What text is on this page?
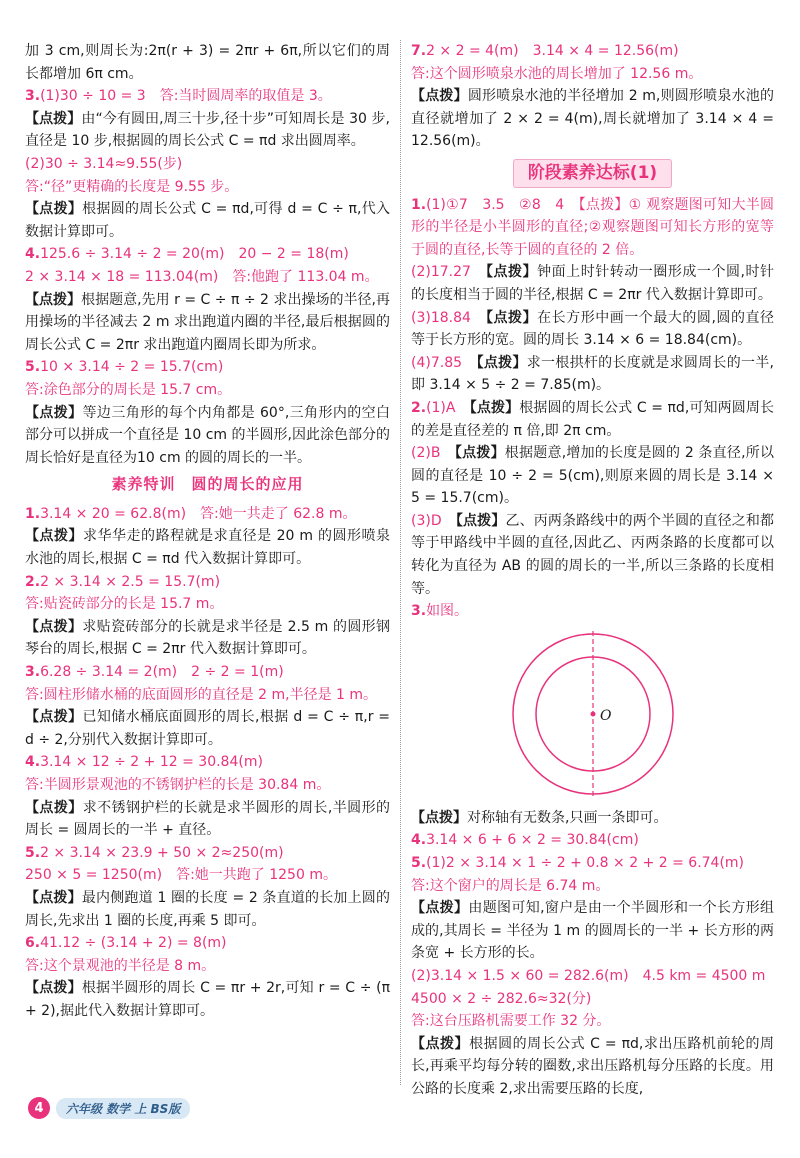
加 3 cm,则周长为:2π(r + 3) = 2πr + 6π,所以它们的周长都增加 6π cm。

3.(1)30 ÷ 10 = 3　答:当时圆周率的取值是 3。

【点拨】由“今有圆田,周三十步,径十步”可知周长是 30 步,直径是 10 步,根据圆的周长公式 C = πd 求出圆周率。

(2)30 ÷ 3.14≈9.55(步)

答:“径”更精确的长度是 9.55 步。

【点拨】根据圆的周长公式 C = πd,可得 d = C ÷ π,代入数据计算即可。

4.125.6 ÷ 3.14 ÷ 2 = 20(m)　20 − 2 = 18(m)

2 × 3.14 × 18 = 113.04(m)　答:他跑了 113.04 m。

【点拨】根据题意,先用 r = C ÷ π ÷ 2 求出操场的半径,再用操场的半径减去 2 m 求出跑道内圈的半径,最后根据圆的周长公式 C = 2πr 求出跑道内圈周长即为所求。

5.10 × 3.14 ÷ 2 = 15.7(cm)

答:涂色部分的周长是 15.7 cm。

【点拨】等边三角形的每个内角都是 60°,三角形内的空白部分可以拼成一个直径是 10 cm 的半圆形,因此涂色部分的周长恰好是直径为10 cm 的圆的周长的一半。

素养特训　圆的周长的应用

1.3.14 × 20 = 62.8(m)　答:她一共走了 62.8 m。

【点拨】求华华走的路程就是求直径是 20 m 的圆形喷泉水池的周长,根据 C = πd 代入数据计算即可。

2.2 × 3.14 × 2.5 = 15.7(m)

答:贴瓷砖部分的长是 15.7 m。

【点拨】求贴瓷砖部分的长就是求半径是 2.5 m 的圆形钢琴台的周长,根据 C = 2πr 代入数据计算即可。

3.6.28 ÷ 3.14 = 2(m)　2 ÷ 2 = 1(m)

答:圆柱形储水桶的底面圆形的直径是 2 m,半径是 1 m。

【点拨】已知储水桶底面圆形的周长,根据 d = C ÷ π,r = d ÷ 2,分别代入数据计算即可。

4.3.14 × 12 ÷ 2 + 12 = 30.84(m)

答:半圆形景观池的不锈钢护栏的长是 30.84 m。

【点拨】求不锈钢护栏的长就是求半圆形的周长,半圆形的周长 = 圆周长的一半 + 直径。

5.2 × 3.14 × 23.9 + 50 × 2≈250(m)

250 × 5 = 1250(m)　答:她一共跑了 1250 m。

【点拨】最内侧跑道 1 圈的长度 = 2 条直道的长加上圆的周长,先求出 1 圈的长度,再乘 5 即可。

6.41.12 ÷ (3.14 + 2) = 8(m)

答:这个景观池的半径是 8 m。

【点拨】根据半圆形的周长 C = πr + 2r,可知 r = C ÷ (π + 2),据此代入数据计算即可。

7.2 × 2 = 4(m)　3.14 × 4 = 12.56(m)

答:这个圆形喷泉水池的周长增加了 12.56 m。

【点拨】圆形喷泉水池的半径增加 2 m,则圆形喷泉水池的直径就增加了 2 × 2 = 4(m),周长就增加了 3.14 × 4 = 12.56(m)。

阶段素养达标(1)

1.(1)①7　3.5　②8　4　【点拨】① 观察题图可知大半圆形的半径是小半圆形的直径;②观察题图可知长方形的宽等于圆的直径,长等于圆的直径的 2 倍。

(2)17.27　 【点拨】钟面上时针转动一圈形成一个圆,时针的长度相当于圆的半径,根据 C = 2πr 代入数据计算即可。

(3)18.84　 【点拨】在长方形中画一个最大的圆,圆的直径等于长方形的宽。圆的周长 3.14 × 6 = 18.84(cm)。

(4)7.85　 【点拨】求一根拱杆的长度就是求圆周长的一半,即 3.14 × 5 ÷ 2 = 7.85(m)。

2.(1)A　 【点拨】根据圆的周长公式 C = πd,可知两圆周长的差是直径差的 π 倍,即 2π cm。

(2)B　 【点拨】根据题意,增加的长度是圆的 2 条直径,所以圆的直径是 10 ÷ 2 = 5(cm),则原来圆的周长是 3.14 × 5 = 15.7(cm)。

(3)D　 【点拨】乙、丙两条路线中的两个半圆的直径之和都等于甲路线中半圆的直径,因此乙、丙两条路的长度都可以转化为直径为 AB 的圆的周长的一半,所以三条路的长度相等。

3.如图。

O

【点拨】对称轴有无数条,只画一条即可。

4.3.14 × 6 + 6 × 2 = 30.84(cm)

5.(1)2 × 3.14 × 1 ÷ 2 + 0.8 × 2 + 2 = 6.74(m)

答:这个窗户的周长是 6.74 m。

【点拨】由题图可知,窗户是由一个半圆形和一个长方形组成的,其周长 = 半径为 1 m 的圆周长的一半 + 长方形的两条宽 + 长方形的长。

(2)3.14 × 1.5 × 60 = 282.6(m)　4.5 km = 4500 m

4500 × 2 ÷ 282.6≈32(分)

答:这台压路机需要工作 32 分。

【点拨】根据圆的周长公式 C = πd,求出压路机前轮的周长,再乘平均每分转的圈数,求出压路机每分压路的长度。用公路的长度乘 2,求出需要压路的长度,

4	六年级 数学 上 BS版
